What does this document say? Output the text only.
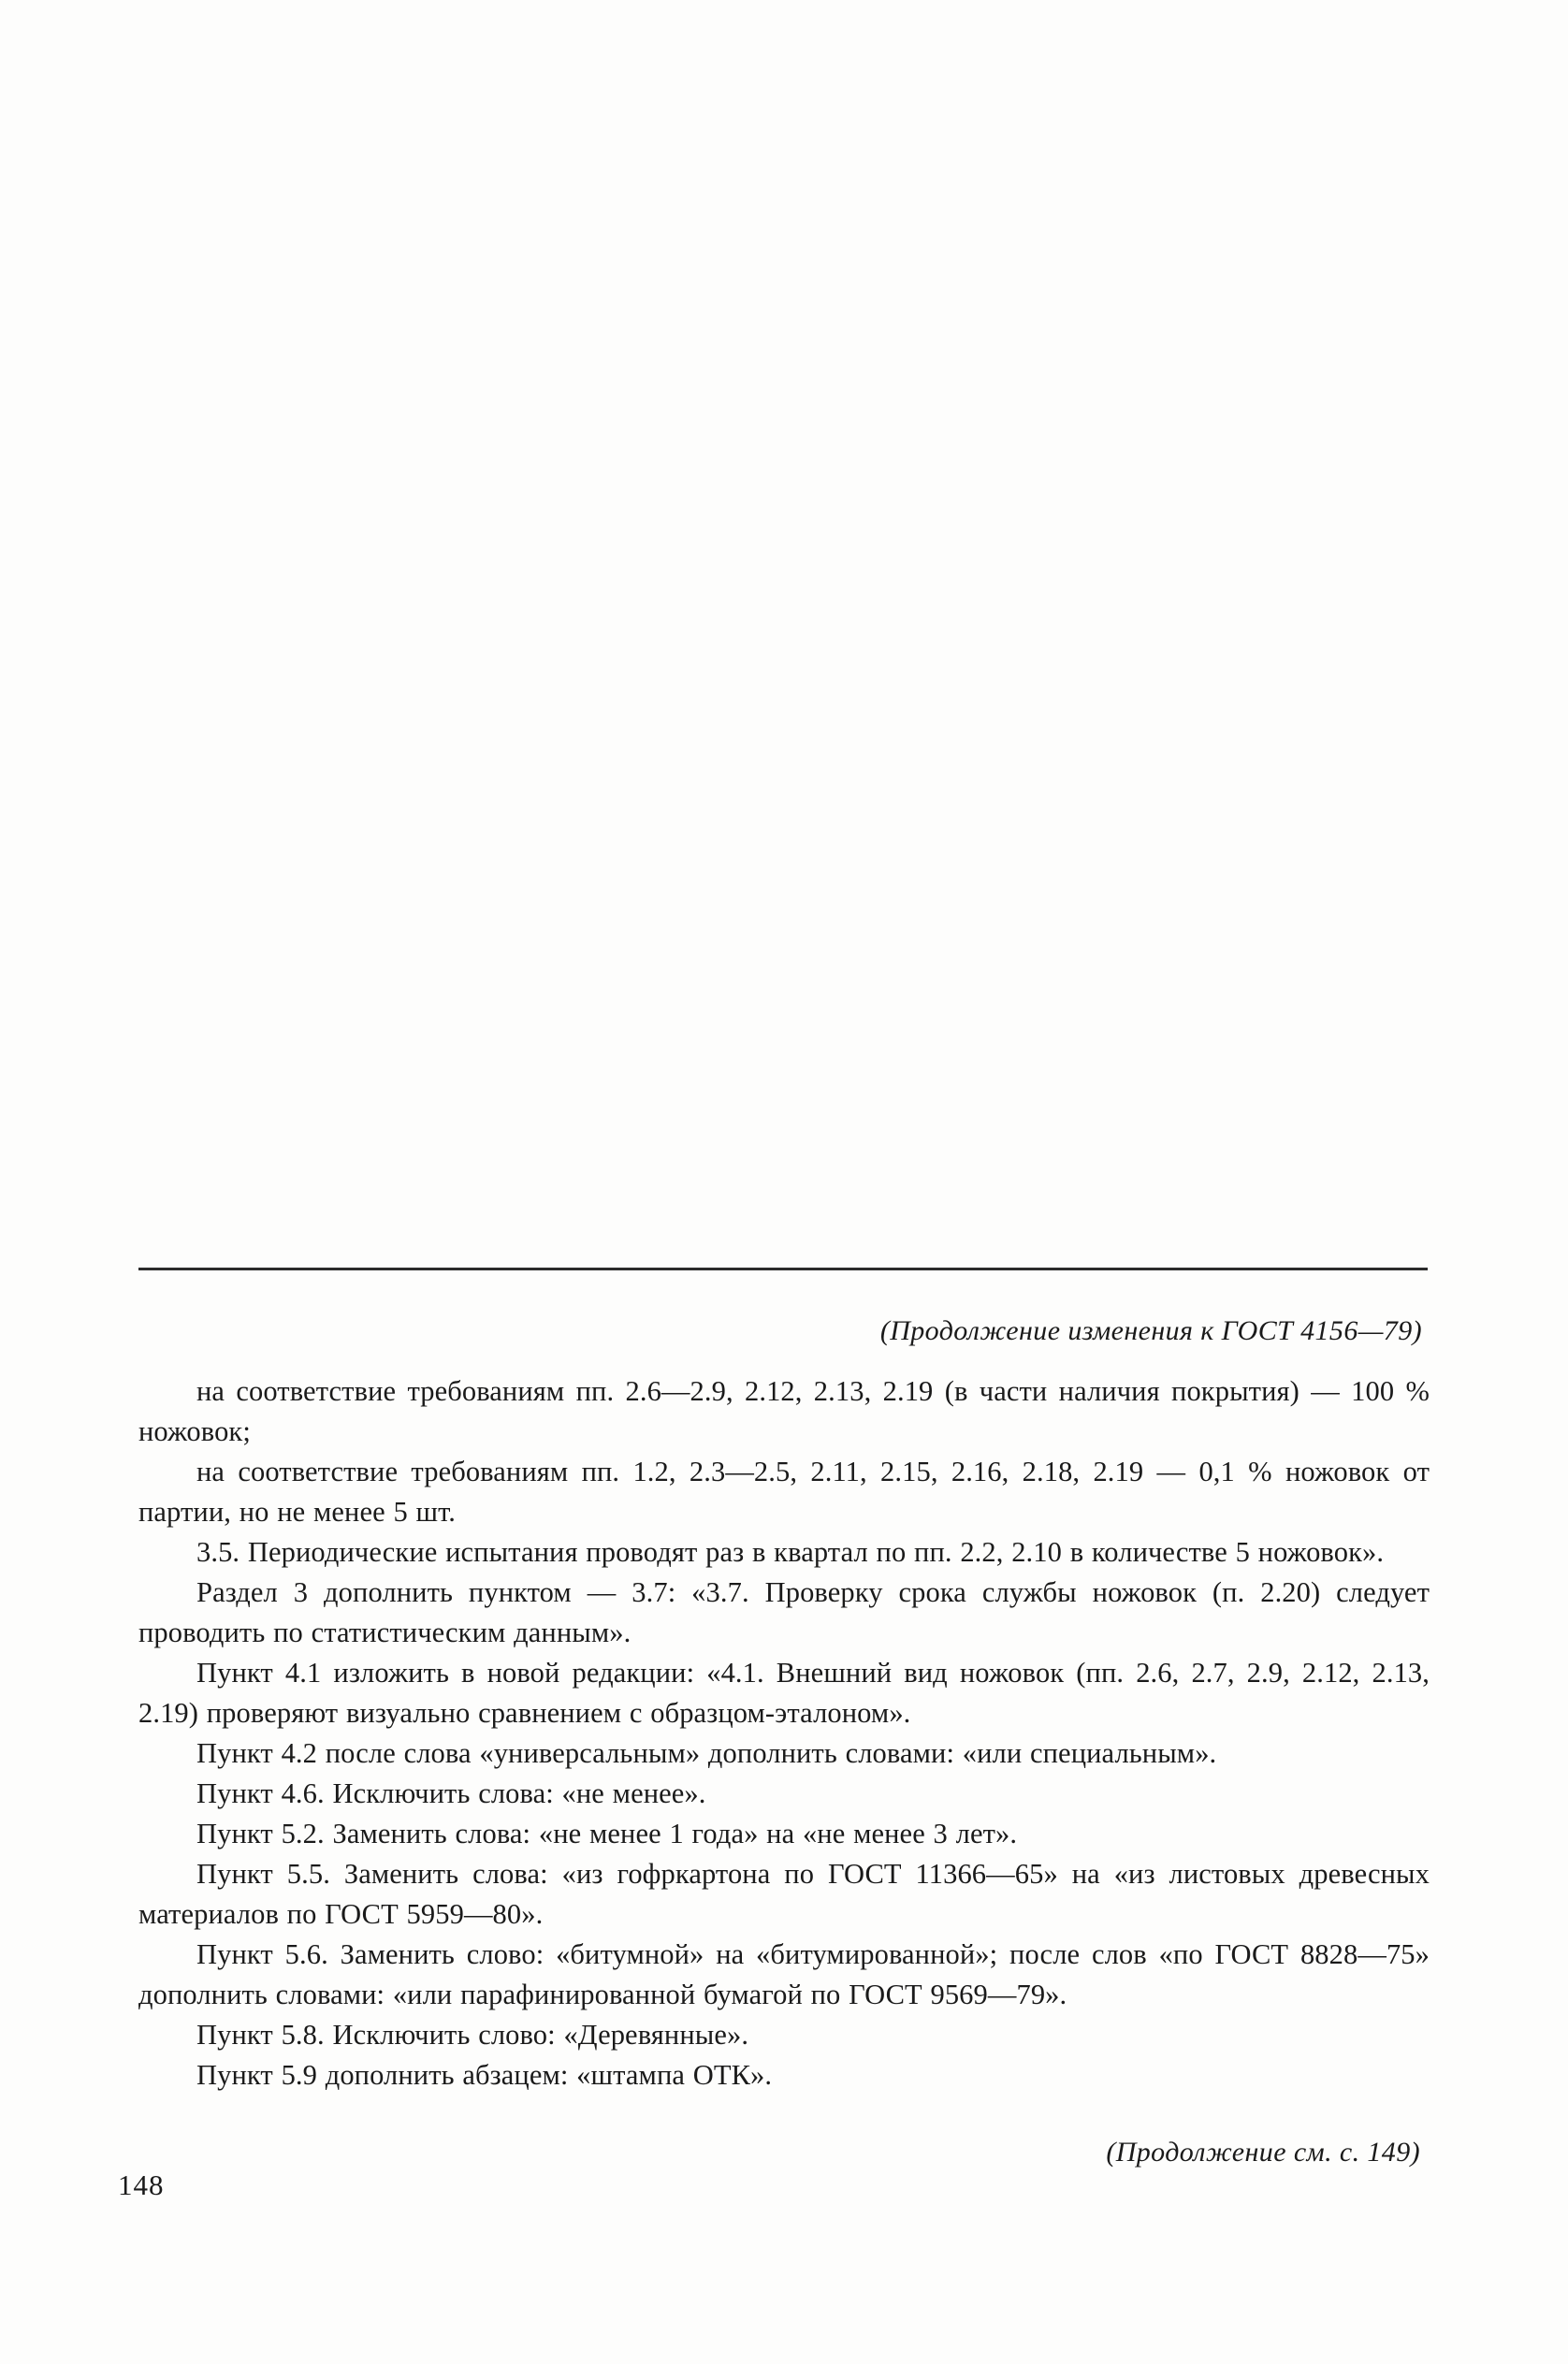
(Продолжение изменения к ГОСТ 4156—79)

на соответствие требованиям пп. 2.6—2.9, 2.12, 2.13, 2.19 (в части наличия покрытия) — 100 % ножовок;

на соответствие требованиям пп. 1.2, 2.3—2.5, 2.11, 2.15, 2.16, 2.18, 2.19 — 0,1 % ножовок от партии, но не менее 5 шт.

3.5. Периодические испытания проводят раз в квартал по пп. 2.2, 2.10 в количестве 5 ножовок».

Раздел 3 дополнить пунктом — 3.7: «3.7. Проверку срока службы ножовок (п. 2.20) следует проводить по статистическим данным».

Пункт 4.1 изложить в новой редакции: «4.1. Внешний вид ножовок (пп. 2.6, 2.7, 2.9, 2.12, 2.13, 2.19) проверяют визуально сравнением с образцом-эталоном».

Пункт 4.2 после слова «универсальным» дополнить словами: «или специальным».

Пункт 4.6. Исключить слова: «не менее».

Пункт 5.2. Заменить слова: «не менее 1 года» на «не менее 3 лет».

Пункт 5.5. Заменить слова: «из гофркартона по ГОСТ 11366—65» на «из листовых древесных материалов по ГОСТ 5959—80».

Пункт 5.6. Заменить слово: «битумной» на «битумированной»; после слов «по ГОСТ 8828—75» дополнить словами: «или парафинированной бумагой по ГОСТ 9569—79».

Пункт 5.8. Исключить слово: «Деревянные».

Пункт 5.9 дополнить абзацем: «штампа ОТК».

(Продолжение см. с. 149)
148
